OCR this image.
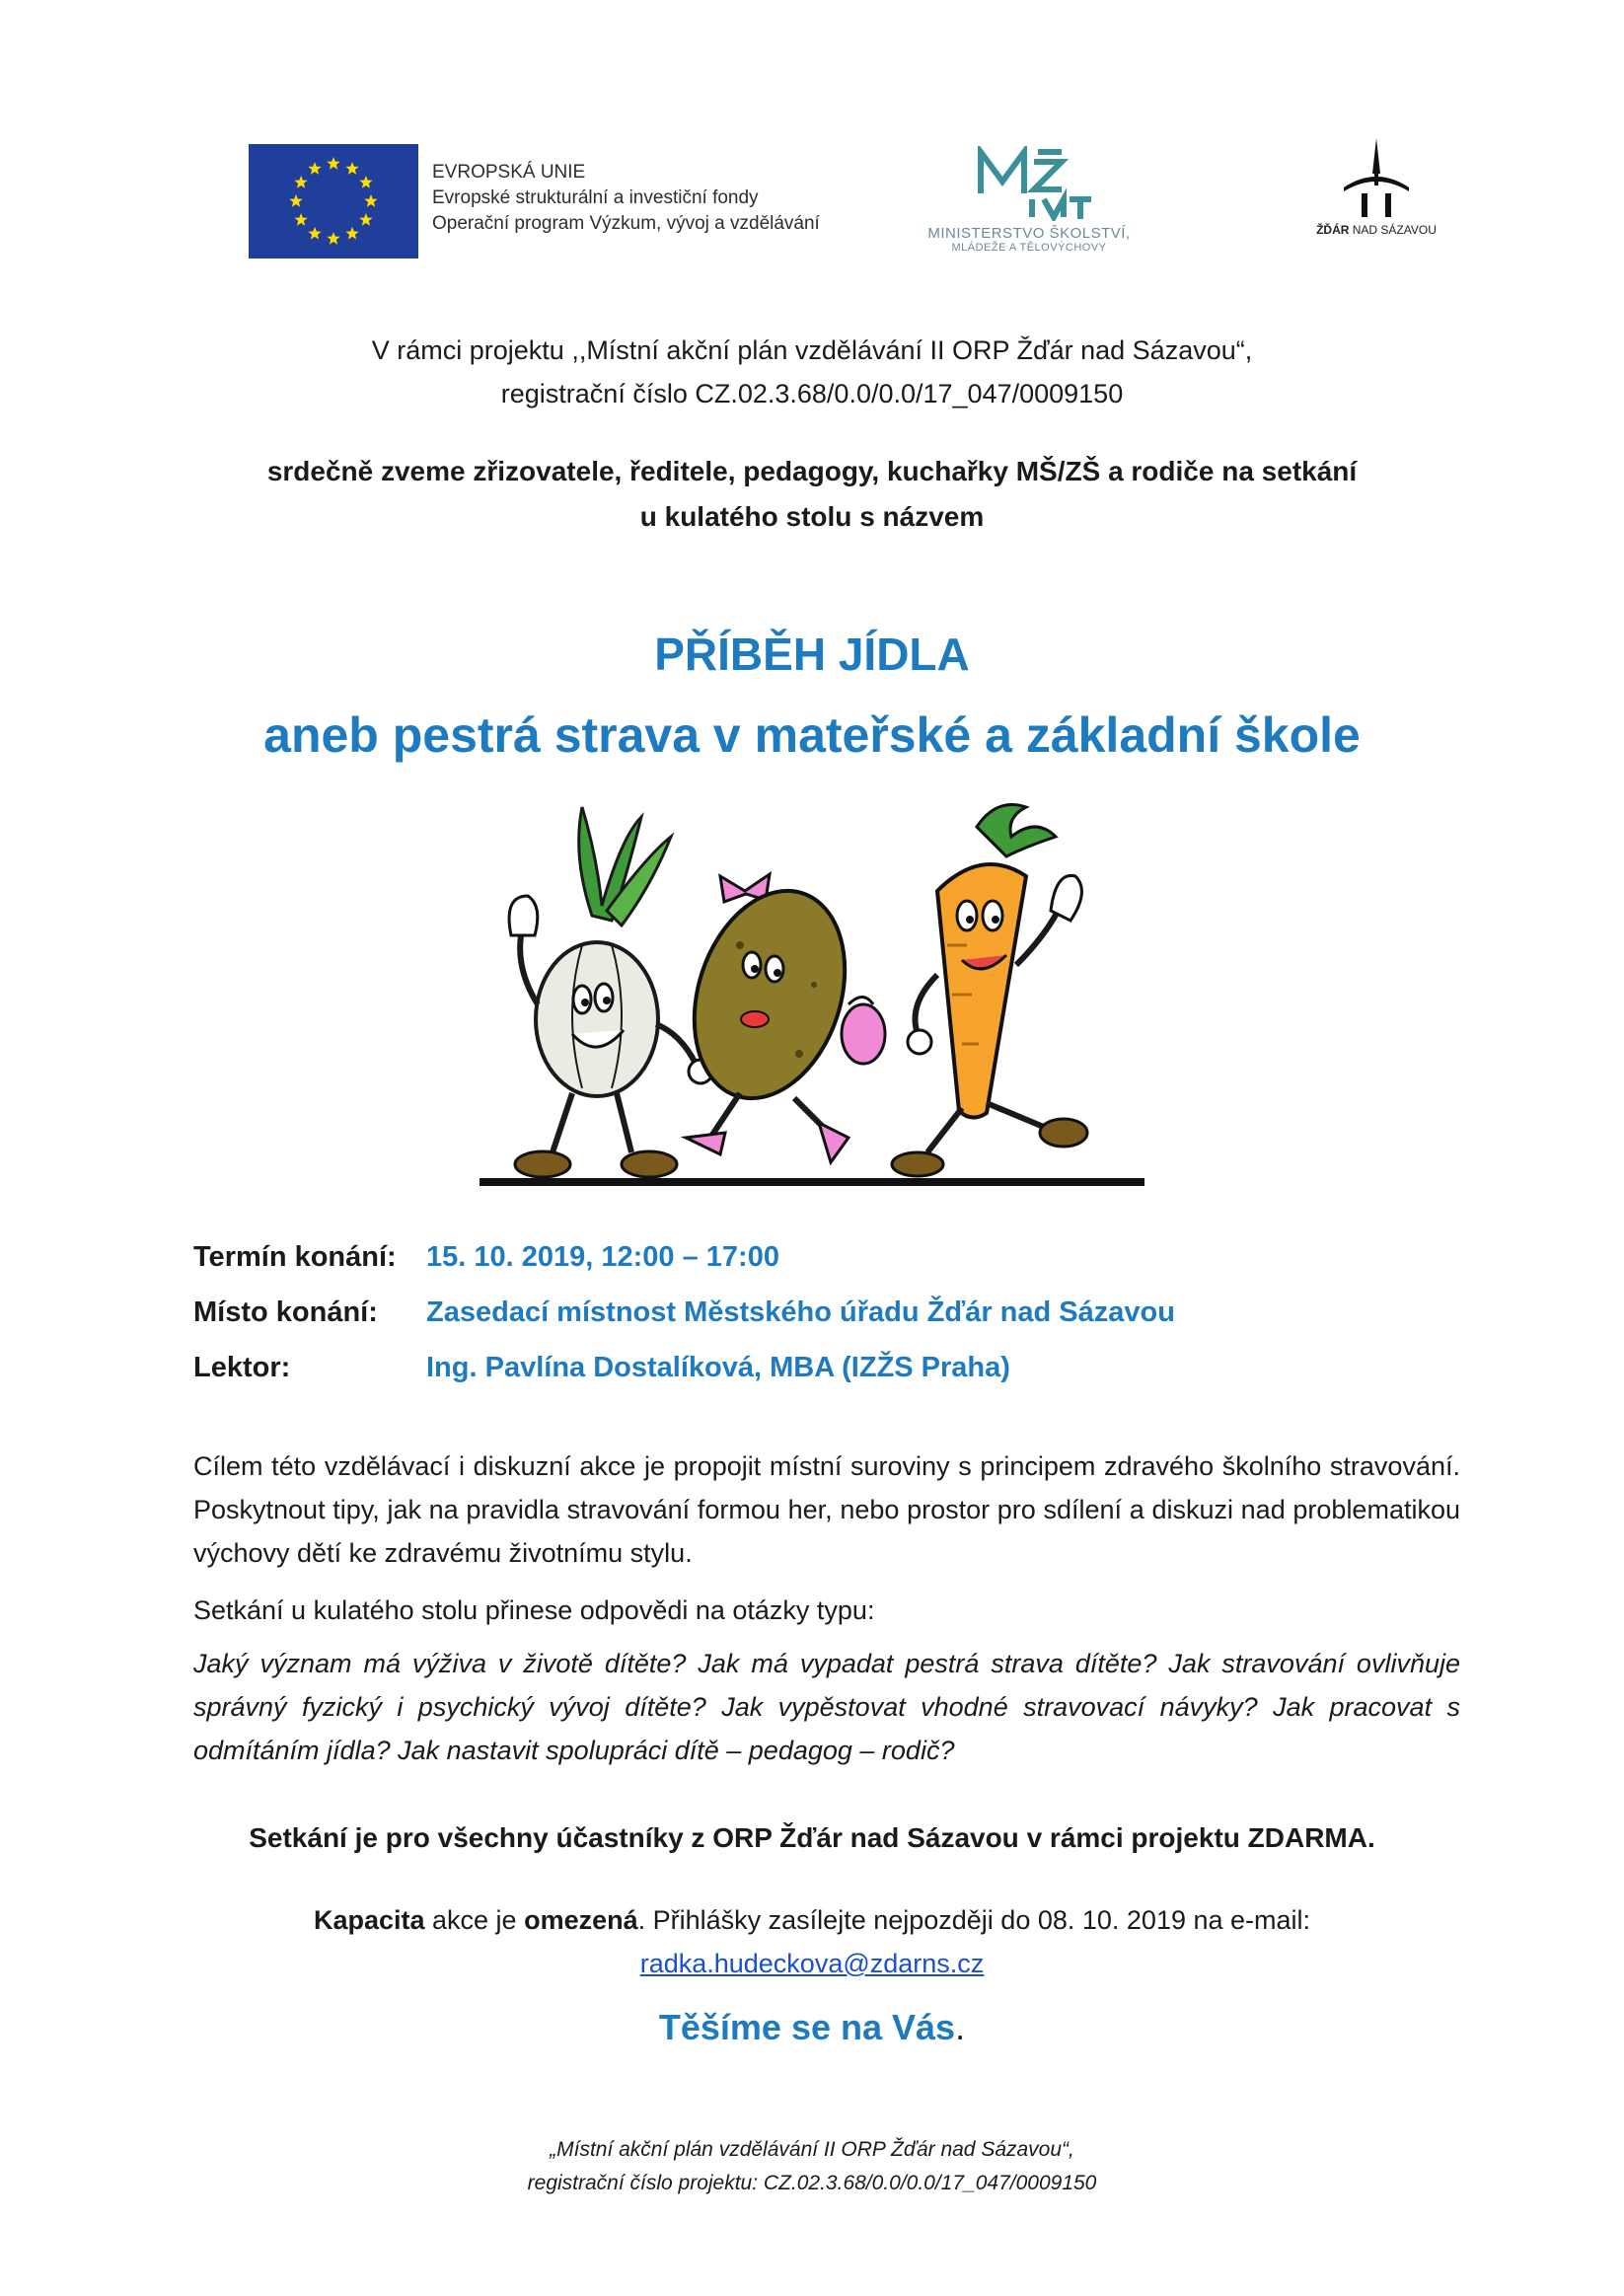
EVROPSKÁ UNIE
Evropské strukturální a investiční fondy
Operační program Výzkum, vývoj a vzdělávání	MINISTERSTVO ŠKOLSTVÍ,
MLÁDEŽE A TĚLOVÝCHOVY
ŽĎÁR NAD SÁZAVOU
V rámci projektu ,,Místní akční plán vzdělávání II ORP Žďár nad Sázavou“,
registrační číslo CZ.02.3.68/0.0/0.0/17_047/0009150
srdečně zveme zřizovatele, ředitele, pedagogy, kuchařky MŠ/ZŠ a rodiče na setkání
u kulatého stolu s názvem
PŘÍBĚH JÍDLA
aneb pestrá strava v mateřské a základní škole
Termín konání: 15. 10. 2019, 12:00 – 17:00
Místo konání: Zasedací místnost Městského úřadu Žďár nad Sázavou
Lektor:	Ing. Pavlína Dostalíková, MBA (IZŽS Praha)
Cílem této vzdělávací i diskuzní akce je propojit místní suroviny s principem zdravého školního stravování. Poskytnout tipy, jak na pravidla stravování formou her, nebo prostor pro sdílení a diskuzi nad problematikou výchovy dětí ke zdravému životnímu stylu.
Setkání u kulatého stolu přinese odpovědi na otázky typu:
Jaký význam má výživa v životě dítěte? Jak má vypadat pestrá strava dítěte? Jak stravování ovlivňuje správný fyzický i psychický vývoj dítěte? Jak vypěstovat vhodné stravovací návyky? Jak pracovat s odmítáním jídla? Jak nastavit spolupráci dítě – pedagog – rodič?
Setkání je pro všechny účastníky z ORP Žďár nad Sázavou v rámci projektu ZDARMA.
Kapacita akce je omezená. Přihlášky zasílejte nejpozději do 08. 10. 2019 na e-mail:
radka.hudeckova@zdarns.cz
Těšíme se na Vás.
„Místní akční plán vzdělávání II ORP Žďár nad Sázavou“,
registrační číslo projektu: CZ.02.3.68/0.0/0.0/17_047/0009150
